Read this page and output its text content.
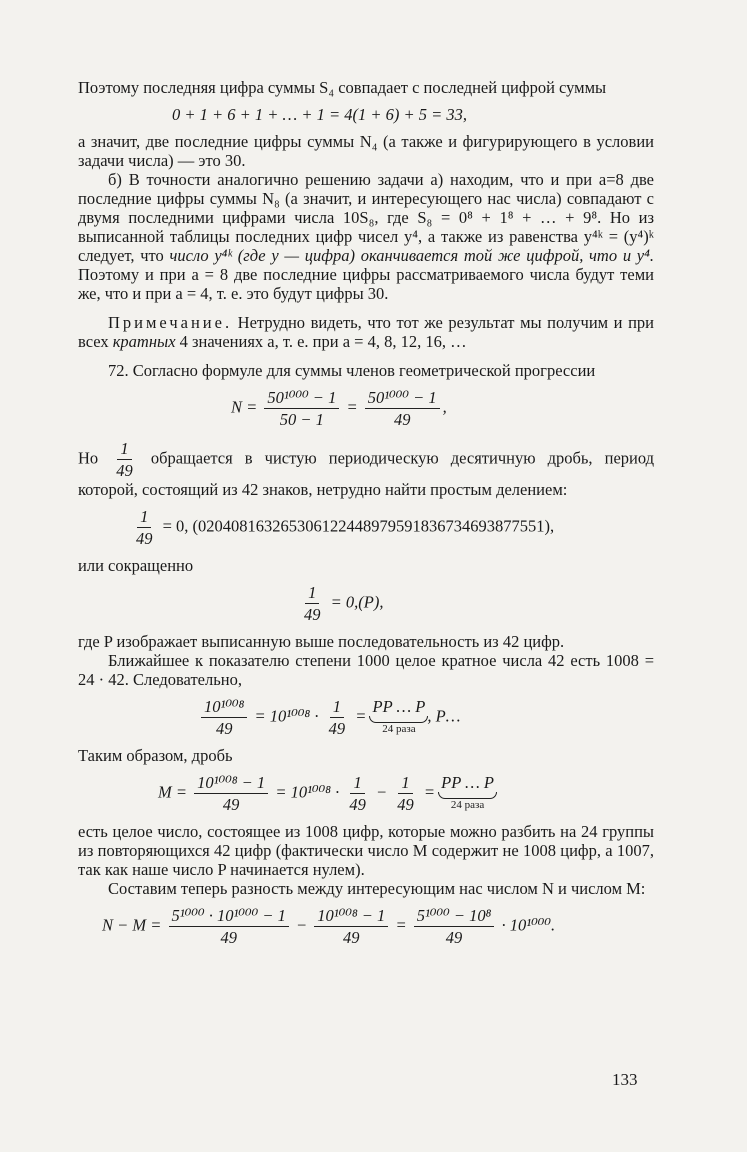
Поэтому последняя цифра суммы S₄ совпадает с последней цифрой суммы

0 + 1 + 6 + 1 + … + 1 = 4(1 + 6) + 5 = 33,

а значит, две последние цифры суммы N₄ (а также и фигурирующего в условии задачи числа) — это 30.

б) В точности аналогично решению задачи а) находим, что и при a=8 две последние цифры суммы N₈ (а значит, и интересующего нас числа) совпадают с двумя последними цифрами числа 10S₈, где S₈ = 0⁸ + 1⁸ + … + 9⁸. Но из выписанной таблицы последних цифр чисел y⁴, а также из равенства y⁴ᵏ = (y⁴)ᵏ следует, что число y⁴ᵏ (где y — цифра) оканчивается той же цифрой, что и y⁴. Поэтому и при a = 8 две последние цифры рассматриваемого числа будут теми же, что и при a = 4, т. е. это будут цифры 30.

Примечание. Нетрудно видеть, что тот же результат мы получим и при всех кратных 4 значениях a, т. е. при a = 4, 8, 12, 16, …

72. Согласно формуле для суммы членов геометрической прогрессии

$N = \frac{\text{50¹⁰⁰⁰ − 1}}{50 - 1} = \frac{\text{50¹⁰⁰⁰ − 1}}{49}$ ,

Но $\frac{1}{49}$ обращается в чистую периодическую десятичную дробь, период которой, состоящий из 42 знаков, нетрудно найти простым делением:

$\frac{1}{49} = 0$, (020408163265306122448979591836734693877551),

или сокращенно

$\frac{1}{49} = 0,(P)$,

где P изображает выписанную выше последовательность из 42 цифр.

Ближайшее к показателю степени 1000 целое кратное числа 42 есть 1008 = 24 · 42. Следовательно,

$\frac{\text{10¹⁰⁰⁸}}{49} = 10^{1008} \cdot \frac{1}{49}$ = PP … P
24 раза
, P…

Таким образом, дробь

$M = \frac{\text{10¹⁰⁰⁸ − 1}}{49} = 10^{1008} \cdot \frac{1}{49} - \frac{1}{49}$ = PP … P
24 раза

есть целое число, состоящее из 1008 цифр, которые можно разбить на 24 группы из повторяющихся 42 цифр (фактически число M содержит не 1008 цифр, а 1007, так как наше число P начинается нулем).

Составим теперь разность между интересующим нас числом N и числом M:

$N - M = \frac{\text{5¹⁰⁰⁰ · 10¹⁰⁰⁰ − 1}}{49} - \frac{\text{10¹⁰⁰⁸ − 1}}{49} = \frac{\text{5¹⁰⁰⁰ − 10⁸}}{49} \cdot 10^{1000}$.
133
